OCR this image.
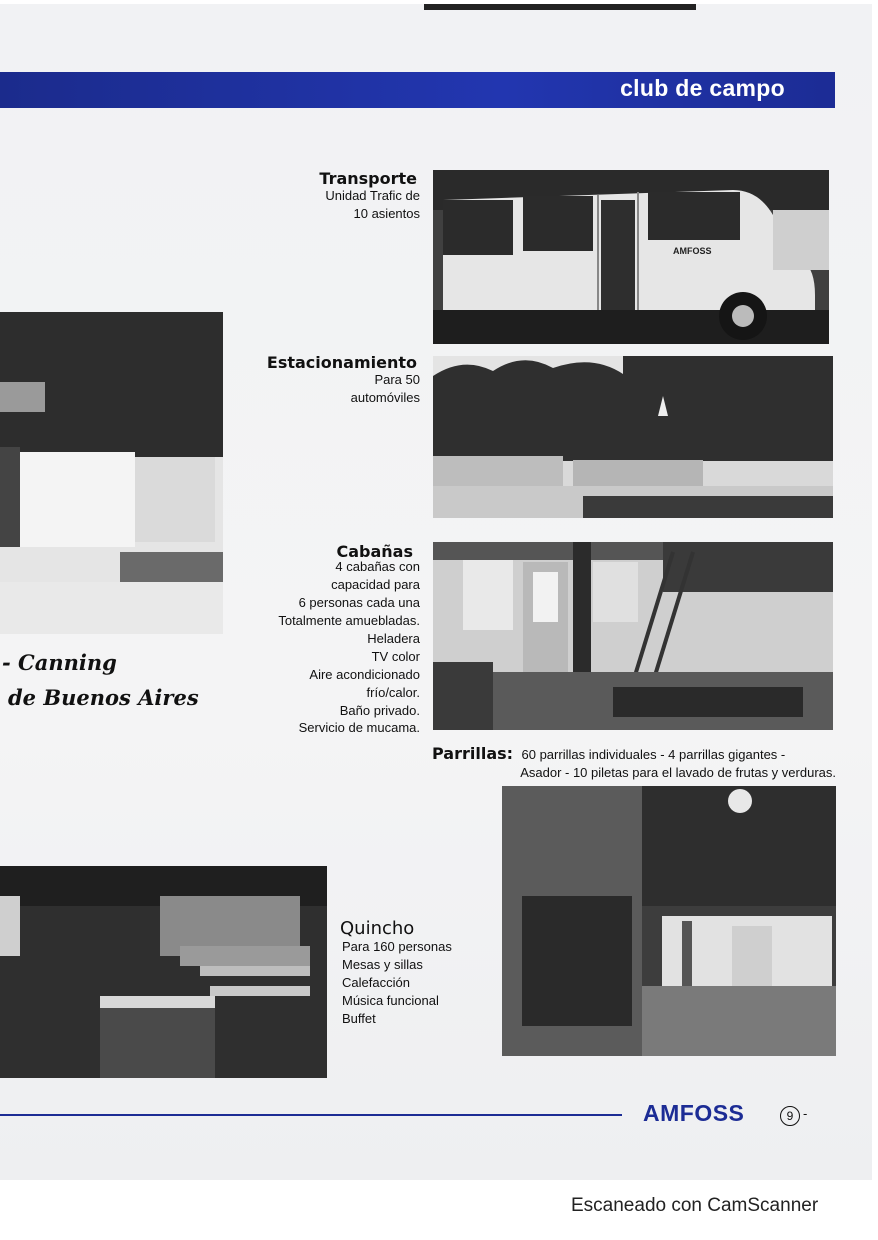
club de campo
AMFOSS
Transporte
Unidad Trafic de
10 asientos
Estacionamiento
Para 50
automóviles
Cabañas
4 cabañas con
capacidad para
6 personas cada una
Totalmente amuebladas.
Heladera
TV color
Aire acondicionado
frío/calor.
Baño privado.
Servicio de mucama.
- Canning
de Buenos Aires
Parrillas: 60 parrillas individuales - 4 parrillas gigantes -
Asador - 10 piletas para el lavado de frutas y verduras.
Quincho
Para 160 personas
Mesas y sillas
Calefacción
Música funcional
Buffet
AMFOSS	9 -
Escaneado con CamScanner
